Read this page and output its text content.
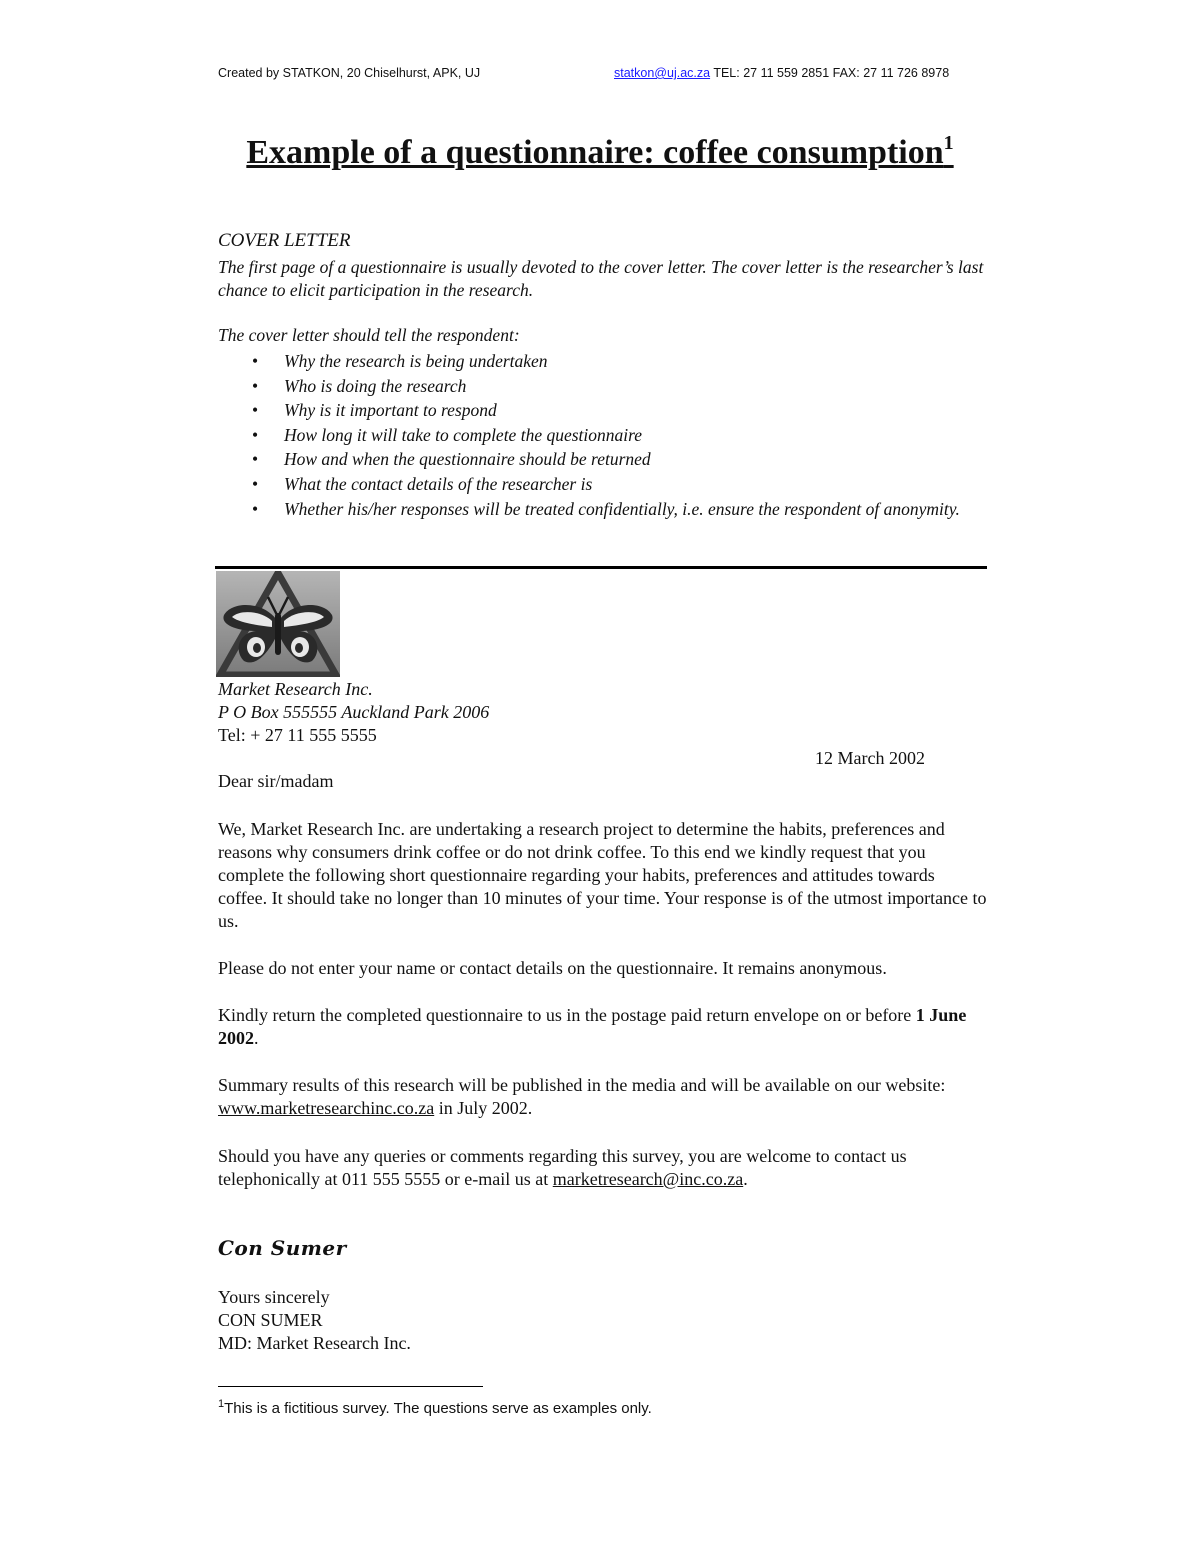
Created by STATKON, 20 Chiselhurst, APK, UJ	statkon@uj.ac.za TEL: 27 11 559 2851 FAX: 27 11 726 8978
Example of a questionnaire: coffee consumption$^1$
COVER LETTER
The first page of a questionnaire is usually devoted to the cover letter. The cover letter is the researcher’s last chance to elicit participation in the research.
The cover letter should tell the respondent:
• Why the research is being undertaken
• Who is doing the research
• Why is it important to respond
• How long it will take to complete the questionnaire
• How and when the questionnaire should be returned
• What the contact details of the researcher is
• Whether his/her responses will be treated confidentially, i.e. ensure the respondent of anonymity.
Market Research Inc.
P O Box 555555 Auckland Park 2006
Tel: + 27 11 555 5555
12 March 2002
Dear sir/madam
We, Market Research Inc. are undertaking a research project to determine the habits, preferences and reasons why consumers drink coffee or do not drink coffee. To this end we kindly request that you complete the following short questionnaire regarding your habits, preferences and attitudes towards coffee. It should take no longer than 10 minutes of your time. Your response is of the utmost importance to us.
Please do not enter your name or contact details on the questionnaire. It remains anonymous.
Kindly return the completed questionnaire to us in the postage paid return envelope on or before 1 June 2002.
Summary results of this research will be published in the media and will be available on our website: www.marketresearchinc.co.za in July 2002.
Should you have any queries or comments regarding this survey, you are welcome to contact us telephonically at 011 555 5555 or e-mail us at marketresearch@inc.co.za.
Con Sumer
Yours sincerely
CON SUMER
MD: Market Research Inc.
$^1$This is a fictitious survey. The questions serve as examples only.
